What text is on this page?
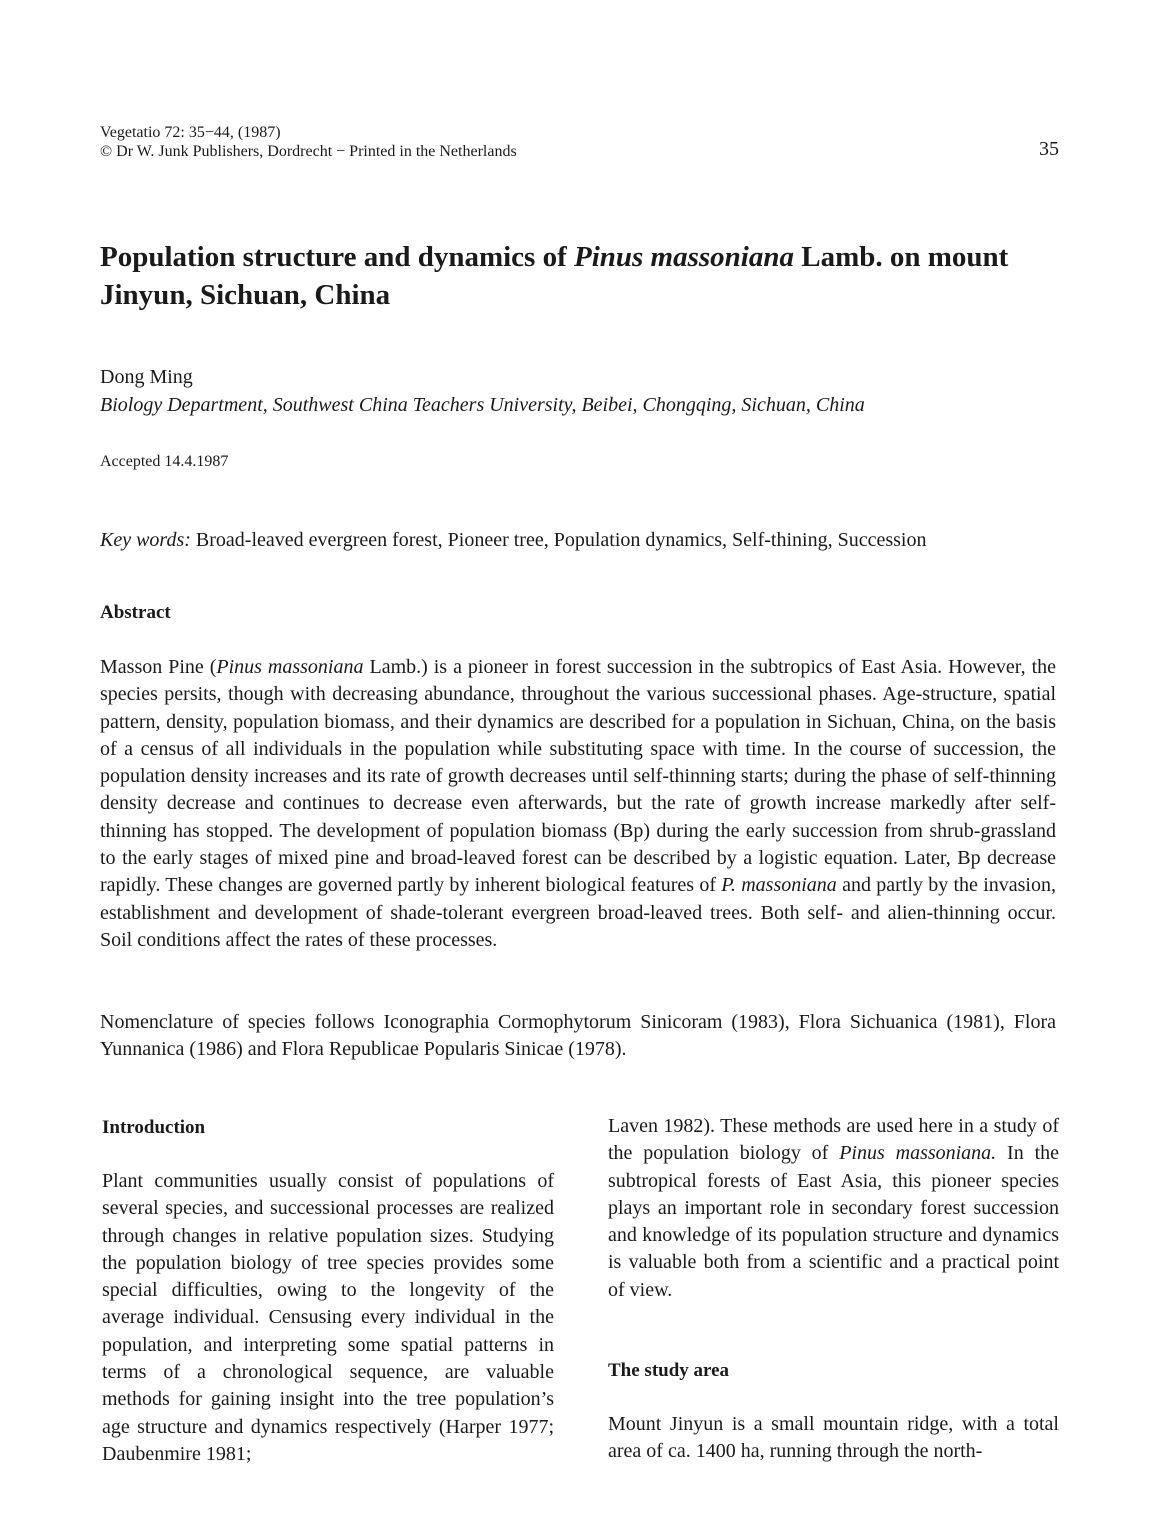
Vegetatio 72: 35−44, (1987)
© Dr W. Junk Publishers, Dordrecht − Printed in the Netherlands	35
Population structure and dynamics of Pinus massoniana Lamb. on mount Jinyun, Sichuan, China
Dong Ming
Biology Department, Southwest China Teachers University, Beibei, Chongqing, Sichuan, China
Accepted 14.4.1987
Key words: Broad-leaved evergreen forest, Pioneer tree, Population dynamics, Self-thining, Succession
Abstract
Masson Pine (Pinus massoniana Lamb.) is a pioneer in forest succession in the subtropics of East Asia. However, the species persits, though with decreasing abundance, throughout the various successional phases. Age-structure, spatial pattern, density, population biomass, and their dynamics are described for a population in Sichuan, China, on the basis of a census of all individuals in the population while substituting space with time. In the course of succession, the population density increases and its rate of growth decreases until self-thinning starts; during the phase of self-thinning density decrease and continues to decrease even afterwards, but the rate of growth increase markedly after self-thinning has stopped. The development of population biomass (Bp) during the early succession from shrub-grassland to the early stages of mixed pine and broad-leaved forest can be described by a logistic equation. Later, Bp decrease rapidly. These changes are governed partly by inherent biological features of P. massoniana and partly by the invasion, establishment and development of shade-tolerant evergreen broad-leaved trees. Both self- and alien-thinning occur. Soil conditions affect the rates of these processes.
Nomenclature of species follows Iconographia Cormophytorum Sinicoram (1983), Flora Sichuanica (1981), Flora Yunnanica (1986) and Flora Republicae Popularis Sinicae (1978).
Introduction
Plant communities usually consist of populations of several species, and successional processes are realized through changes in relative population sizes. Studying the population biology of tree species provides some special difficulties, owing to the longevity of the average individual. Censusing every individual in the population, and interpreting some spatial patterns in terms of a chronological sequence, are valuable methods for gaining insight into the tree population’s age structure and dynamics respectively (Harper 1977; Daubenmire 1981;
Laven 1982). These methods are used here in a study of the population biology of Pinus massoniana. In the subtropical forests of East Asia, this pioneer species plays an important role in secondary forest succession and knowledge of its population structure and dynamics is valuable both from a scientific and a practical point of view.
The study area
Mount Jinyun is a small mountain ridge, with a total area of ca. 1400 ha, running through the north-
